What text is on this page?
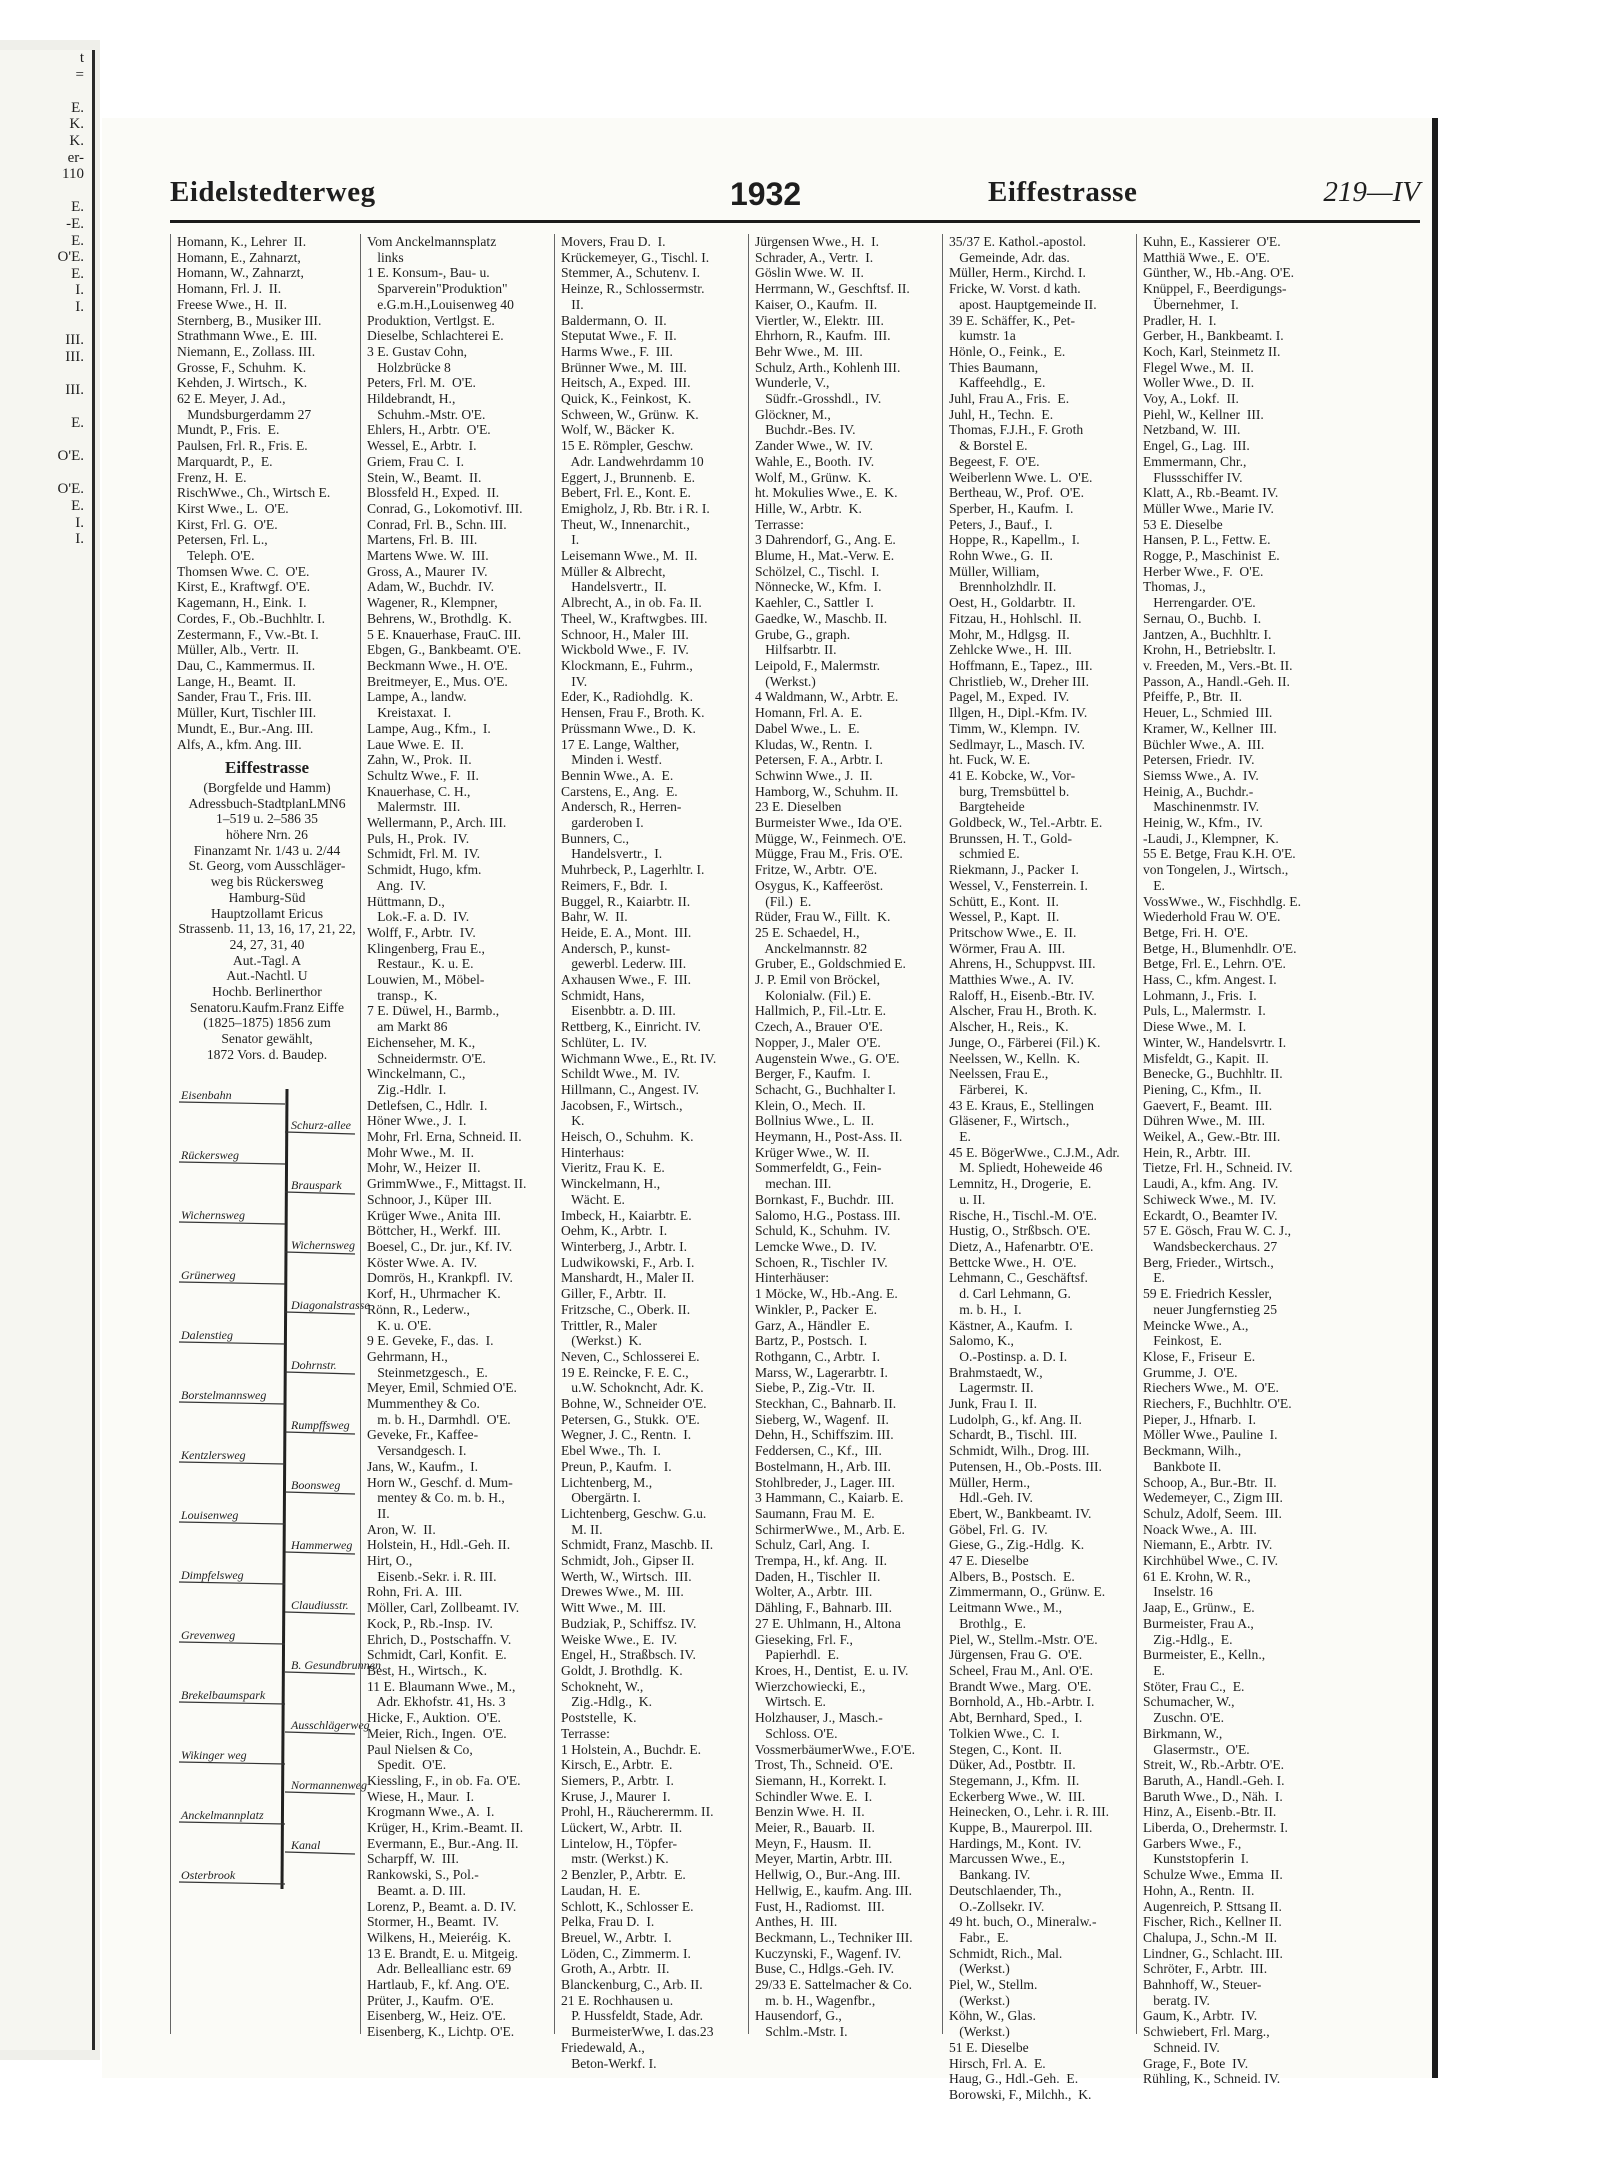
t
=

E.
K.
K.
er-
110

E.
-E.
E.
O'E.
E.
I.
I.

III.
III.

III.

E.

O'E.

O'E.
E.
I.
I.
Eidelstedterweg	1932	Eiffestrasse	219—IV
Homann, K., Lehrer  II.
Homann, E., Zahnarzt,
Homann, W., Zahnarzt,
Homann, Frl. J.  II.
Freese Wwe., H.  II.
Sternberg, B., Musiker III.
Strathmann Wwe., E.  III.
Niemann, E., Zollass. III.
Grosse, F., Schuhm.  K.
Kehden, J. Wirtsch.,  K.
62 E. Meyer, J. Ad.,
Mundsburgerdamm 27
Mundt, P., Fris.  E.
Paulsen, Frl. R., Fris. E.
Marquardt, P.,  E.
Frenz, H.  E.
RischWwe., Ch., Wirtsch E.
Kirst Wwe., L.  O'E.
Kirst, Frl. G.  O'E.
Petersen, Frl. L.,
Teleph. O'E.
Thomsen Wwe. C.  O'E.
Kirst, E., Kraftwgf. O'E.
Kagemann, H., Eink.  I.
Cordes, F., Ob.-Buchhltr. I.
Zestermann, F., Vw.-Bt. I.
Müller, Alb., Vertr.  II.
Dau, C., Kammermus. II.
Lange, H., Beamt.  II.
Sander, Frau T., Fris. III.
Müller, Kurt, Tischler III.
Mundt, E., Bur.-Ang. III.
Alfs, A., kfm. Ang. III.
Eiffestrasse
(Borgfelde und Hamm)
Adressbuch-StadtplanLMN6
1–519 u. 2–586 35
höhere Nrn. 26
Finanzamt Nr. 1/43 u. 2/44
St. Georg, vom Ausschläger-
weg bis Rückersweg
Hamburg-Süd
Hauptzollamt Ericus
Strassenb. 11, 13, 16, 17, 21, 22,
24, 27, 31, 40
Aut.-Tagl. A
Aut.-Nachtl. U
Hochb. Berlinerthor
Senatoru.Kaufm.Franz Eiffe
(1825–1875) 1856 zum
Senator gewählt,
1872 Vors. d. Baudep.
Eisenbahn
Schurz-allee
Rückersweg
Brauspark
Wichernsweg
Wichernsweg
Grünerweg
Diagonalstrasse
Dalenstieg
Dohrnstr.
Borstelmannsweg
Rumpffsweg
Kentzlersweg
Boonsweg
Louisenweg
Hammerweg
Dimpfelsweg
Claudiusstr.
Grevenweg
B. Gesundbrunnen
Brekelbaumspark
Ausschlägerweg
Wikinger weg
Normannenweg
Anckelmannplatz
Kanal
Osterbrook
Vom Anckelmannsplatz
links
1 E. Konsum-, Bau- u.
Sparverein"Produktion"
e.G.m.H.,Louisenweg 40
Produktion, Vertlgst. E.
Dieselbe, Schlachterei E.
3 E. Gustav Cohn,
Holzbrücke 8
Peters, Frl. M.  O'E.
Hildebrandt, H.,
Schuhm.-Mstr. O'E.
Ehlers, H., Arbtr.  O'E.
Wessel, E., Arbtr.  I.
Griem, Frau C.  I.
Stein, W., Beamt.  II.
Blossfeld H., Exped.  II.
Conrad, G., Lokomotivf. III.
Conrad, Frl. B., Schn. III.
Martens, Frl. B.  III.
Martens Wwe. W.  III.
Gross, A., Maurer  IV.
Adam, W., Buchdr.  IV.
Wagener, R., Klempner,
Behrens, W., Brothdlg.  K.
5 E. Knauerhase, FrauC. III.
Ebgen, G., Bankbeamt. O'E.
Beckmann Wwe., H. O'E.
Breitmeyer, E., Mus. O'E.
Lampe, A., landw.
Kreistaxat.  I.
Lampe, Aug., Kfm.,  I.
Laue Wwe. E.  II.
Zahn, W., Prok.  II.
Schultz Wwe., F.  II.
Knauerhase, C. H.,
Malermstr.  III.
Wellermann, P., Arch. III.
Puls, H., Prok.  IV.
Schmidt, Frl. M.  IV.
Schmidt, Hugo, kfm.
Ang.  IV.
Hüttmann, D.,
Lok.-F. a. D.  IV.
Wolff, F., Arbtr.  IV.
Klingenberg, Frau E.,
Restaur.,  K. u. E.
Louwien, M., Möbel-
transp.,  K.
7 E. Düwel, H., Barmb.,
am Markt 86
Eichenseher, M. K.,
Schneidermstr. O'E.
Winckelmann, C.,
Zig.-Hdlr.  I.
Detlefsen, C., Hdlr.  I.
Höner Wwe., J.  I.
Mohr, Frl. Erna, Schneid. II.
Mohr Wwe., M.  II.
Mohr, W., Heizer  II.
GrimmWwe., F., Mittagst. II.
Schnoor, J., Küper  III.
Krüger Wwe., Anita  III.
Böttcher, H., Werkf.  III.
Boesel, C., Dr. jur., Kf. IV.
Köster Wwe. A.  IV.
Domrös, H., Krankpfl.  IV.
Korf, H., Uhrmacher  K.
Rönn, R., Lederw.,
K. u. O'E.
9 E. Geveke, F., das.  I.
Gehrmann, H.,
Steinmetzgesch.,  E.
Meyer, Emil, Schmied O'E.
Mummenthey & Co.
m. b. H., Darmhdl.  O'E.
Geveke, Fr., Kaffee-
Versandgesch. I.
Jans, W., Kaufm.,  I.
Horn W., Geschf. d. Mum-
mentey & Co. m. b. H.,
II.
Aron, W.  II.
Holstein, H., Hdl.-Geh. II.
Hirt, O.,
Eisenb.-Sekr. i. R. III.
Rohn, Fri. A.  III.
Möller, Carl, Zollbeamt. IV.
Kock, P., Rb.-Insp.  IV.
Ehrich, D., Postschaffn. V.
Schmidt, Carl, Konfit.  E.
Best, H., Wirtsch.,  K.
11 E. Blaumann Wwe., M.,
Adr. Ekhofstr. 41, Hs. 3
Hicke, F., Auktion.  O'E.
Meier, Rich., Ingen.  O'E.
Paul Nielsen & Co,
Spedit.  O'E.
Kiessling, F., in ob. Fa. O'E.
Wiese, H., Maur.  I.
Krogmann Wwe., A.  I.
Krüger, H., Krim.-Beamt. II.
Evermann, E., Bur.-Ang. II.
Scharpff, W.  III.
Rankowski, S., Pol.-
Beamt. a. D. III.
Lorenz, P., Beamt. a. D. IV.
Stormer, H., Beamt.  IV.
Wilkens, H., Meieréig.  K.
13 E. Brandt, E. u. Mitgeig.
Adr. Belleallianc estr. 69
Hartlaub, F., kf. Ang. O'E.
Prüter, J., Kaufm.  O'E.
Eisenberg, W., Heiz. O'E.
Eisenberg, K., Lichtp. O'E.
Movers, Frau D.  I.
Krückemeyer, G., Tischl. I.
Stemmer, A., Schutenv. I.
Heinze, R., Schlossermstr.
II.
Baldermann, O.  II.
Steputat Wwe., F.  II.
Harms Wwe., F.  III.
Brünner Wwe., M.  III.
Heitsch, A., Exped.  III.
Quick, K., Feinkost,  K.
Schween, W., Grünw.  K.
Wolf, W., Bäcker  K.
15 E. Römpler, Geschw.
Adr. Landwehrdamm 10
Eggert, J., Brunnenb.  E.
Bebert, Frl. E., Kont. E.
Emigholz, J, Rb. Btr. i R. I.
Theut, W., Innenarchit.,
I.
Leisemann Wwe., M.  II.
Müller & Albrecht,
Handelsvertr.,  II.
Albrecht, A., in ob. Fa. II.
Theel, W., Kraftwgbes. III.
Schnoor, H., Maler  III.
Wickbold Wwe., F.  IV.
Klockmann, E., Fuhrm.,
IV.
Eder, K., Radiohdlg.  K.
Hensen, Frau F., Broth. K.
Prüssmann Wwe., D.  K.
17 E. Lange, Walther,
Minden i. Westf.
Bennin Wwe., A.  E.
Carstens, E., Ang.  E.
Andersch, R., Herren-
garderoben I.
Bunners, C.,
Handelsvertr.,  I.
Muhrbeck, P., Lagerhltr. I.
Reimers, F., Bdr.  I.
Buggel, R., Kaiarbtr. II.
Bahr, W.  II.
Heide, E. A., Mont.  III.
Andersch, P., kunst-
gewerbl. Lederw. III.
Axhausen Wwe., F.  III.
Schmidt, Hans,
Eisenbbtr. a. D. III.
Rettberg, K., Einricht. IV.
Schlüter, L.  IV.
Wichmann Wwe., E., Rt. IV.
Schildt Wwe., M.  IV.
Hillmann, C., Angest. IV.
Jacobsen, F., Wirtsch.,
K.
Heisch, O., Schuhm.  K.
Hinterhaus:
Vieritz, Frau K.  E.
Winckelmann, H.,
Wächt. E.
Imbeck, H., Kaiarbtr. E.
Oehm, K., Arbtr.  I.
Winterberg, J., Arbtr. I.
Ludwikowski, F., Arb. I.
Manshardt, H., Maler II.
Giller, F., Arbtr.  II.
Fritzsche, C., Oberk. II.
Trittler, R., Maler
(Werkst.)  K.
Neven, C., Schlosserei E.
19 E. Reincke, F. E. C.,
u.W. Schokncht, Adr. K.
Bohne, W., Schneider O'E.
Petersen, G., Stukk.  O'E.
Wegner, J. C., Rentn.  I.
Ebel Wwe., Th.  I.
Preun, P., Kaufm.  I.
Lichtenberg, M.,
Obergärtn. I.
Lichtenberg, Geschw. G.u.
M. II.
Schmidt, Franz, Maschb. II.
Schmidt, Joh., Gipser II.
Werth, W., Wirtsch.  III.
Drewes Wwe., M.  III.
Witt Wwe., M.  III.
Budziak, P., Schiffsz. IV.
Weiske Wwe., E.  IV.
Engel, H., Straßbsch. IV.
Goldt, J. Brothdlg.  K.
Schokneht, W.,
Zig.-Hdlg.,  K.
Poststelle,  K.
Terrasse:
1 Holstein, A., Buchdr. E.
Kirsch, E., Arbtr.  E.
Siemers, P., Arbtr.  I.
Kruse, J., Maurer  I.
Prohl, H., Räucherermm. II.
Lückert, W., Arbtr.  II.
Lintelow, H., Töpfer-
mstr. (Werkst.) K.
2 Benzler, P., Arbtr.  E.
Laudan, H.  E.
Schlott, K., Schlosser E.
Pelka, Frau D.  I.
Breuel, W., Arbtr.  I.
Löden, C., Zimmerm. I.
Groth, A., Arbtr.  II.
Blanckenburg, C., Arb. II.
21 E. Rochhausen u.
P. Hussfeldt, Stade, Adr.
BurmeisterWwe, I. das.23
Friedewald, A.,
Beton-Werkf. I.
Jürgensen Wwe., H.  I.
Schrader, A., Vertr.  I.
Göslin Wwe. W.  II.
Herrmann, W., Geschftsf. II.
Kaiser, O., Kaufm.  II.
Viertler, W., Elektr.  III.
Ehrhorn, R., Kaufm.  III.
Behr Wwe., M.  III.
Schulz, Arth., Kohlenh III.
Wunderle, V.,
Südfr.-Grosshdl.,  IV.
Glöckner, M.,
Buchdr.-Bes. IV.
Zander Wwe., W.  IV.
Wahle, E., Booth.  IV.
Wolf, M., Grünw.  K.
ht. Mokulies Wwe., E.  K.
Hille, W., Arbtr.  K.
Terrasse:
3 Dahrendorf, G., Ang. E.
Blume, H., Mat.-Verw. E.
Schölzel, C., Tischl.  I.
Nönnecke, W., Kfm.  I.
Kaehler, C., Sattler  I.
Gaedke, W., Maschb. II.
Grube, G., graph.
Hilfsarbtr. II.
Leipold, F., Malermstr.
(Werkst.)
4 Waldmann, W., Arbtr. E.
Homann, Frl. A.  E.
Dabel Wwe., L.  E.
Kludas, W., Rentn.  I.
Petersen, F. A., Arbtr. I.
Schwinn Wwe., J.  II.
Hamborg, W., Schuhm. II.
23 E. Dieselben
Burmeister Wwe., Ida O'E.
Mügge, W., Feinmech. O'E.
Mügge, Frau M., Fris. O'E.
Fritze, W., Arbtr.  O'E.
Osygus, K., Kaffeeröst.
(Fil.)  E.
Rüder, Frau W., Fillt.  K.
25 E. Schaedel, H.,
Anckelmannstr. 82
Gruber, E., Goldschmied E.
J. P. Emil von Bröckel,
Kolonialw. (Fil.) E.
Hallmich, P., Fil.-Ltr. E.
Czech, A., Brauer  O'E.
Nopper, J., Maler  O'E.
Augenstein Wwe., G. O'E.
Berger, F., Kaufm.  I.
Schacht, G., Buchhalter I.
Klein, O., Mech.  II.
Bollnius Wwe., L.  II.
Heymann, H., Post-Ass. II.
Krüger Wwe., W.  II.
Sommerfeldt, G., Fein-
mechan. III.
Bornkast, F., Buchdr.  III.
Salomo, H.G., Postass. III.
Schuld, K., Schuhm.  IV.
Lemcke Wwe., D.  IV.
Schoen, R., Tischler  IV.
Hinterhäuser:
1 Möcke, W., Hb.-Ang. E.
Winkler, P., Packer  E.
Garz, A., Händler  E.
Bartz, P., Postsch.  I.
Rothgann, C., Arbtr.  I.
Marss, W., Lagerarbtr. I.
Siebe, P., Zig.-Vtr.  II.
Steckhan, C., Bahnarb. II.
Sieberg, W., Wagenf.  II.
Dehn, H., Schiffszim. III.
Feddersen, C., Kf.,  III.
Bostelmann, H., Arb. III.
Stohlbreder, J., Lager. III.
3 Hammann, C., Kaiarb. E.
Saumann, Frau M.  E.
SchirmerWwe., M., Arb. E.
Schulz, Carl, Ang.  I.
Trempa, H., kf. Ang.  II.
Daden, H., Tischler  II.
Wolter, A., Arbtr.  III.
Dähling, F., Bahnarb. III.
27 E. Uhlmann, H., Altona
Gieseking, Frl. F.,
Papierhdl.  E.
Kroes, H., Dentist,  E. u. IV.
Wierzchowiecki, E.,
Wirtsch. E.
Holzhauser, J., Masch.-
Schloss. O'E.
VossmerbäumerWwe., F.O'E.
Trost, Th., Schneid.  O'E.
Siemann, H., Korrekt. I.
Schindler Wwe. E.  I.
Benzin Wwe. H.  II.
Meier, R., Bauarb.  II.
Meyn, F., Hausm.  II.
Meyer, Martin, Arbtr. III.
Hellwig, O., Bur.-Ang. III.
Hellwig, E., kaufm. Ang. III.
Fust, H., Radiomst.  III.
Anthes, H.  III.
Beckmann, L., Techniker III.
Kuczynski, F., Wagenf. IV.
Buse, C., Hdlgs.-Geh. IV.
29/33 E. Sattelmacher & Co.
m. b. H., Wagenfbr.,
Hausendorf, G.,
Schlm.-Mstr. I.
35/37 E. Kathol.-apostol.
Gemeinde, Adr. das.
Müller, Herm., Kirchd. I.
Fricke, W. Vorst. d kath.
apost. Hauptgemeinde II.
39 E. Schäffer, K., Pet-
kumstr. 1a
Hönle, O., Feink.,  E.
Thies Baumann,
Kaffeehdlg.,  E.
Juhl, Frau A., Fris.  E.
Juhl, H., Techn.  E.
Thomas, F.J.H., F. Groth
& Borstel E.
Begeest, F.  O'E.
Weiberlenn Wwe. L.  O'E.
Bertheau, W., Prof.  O'E.
Sperber, H., Kaufm.  I.
Peters, J., Bauf.,  I.
Hoppe, R., Kapellm.,  I.
Rohn Wwe., G.  II.
Müller, William,
Brennholzhdlr. II.
Oest, H., Goldarbtr.  II.
Fitzau, H., Hohlschl.  II.
Mohr, M., Hdlgsg.  II.
Zehlcke Wwe., H.  III.
Hoffmann, E., Tapez.,  III.
Christlieb, W., Dreher III.
Pagel, M., Exped.  IV.
Illgen, H., Dipl.-Kfm. IV.
Timm, W., Klempn.  IV.
Sedlmayr, L., Masch. IV.
ht. Fuck, W. E.
41 E. Kobcke, W., Vor-
burg, Tremsbüttel b.
Bargteheide
Goldbeck, W., Tel.-Arbtr. E.
Brunssen, H. T., Gold-
schmied E.
Riekmann, J., Packer  I.
Wessel, V., Fensterrein. I.
Schütt, E., Kont.  II.
Wessel, P., Kapt.  II.
Pritschow Wwe., E.  II.
Wörmer, Frau A.  III.
Ahrens, H., Schuppvst. III.
Matthies Wwe., A.  IV.
Raloff, H., Eisenb.-Btr. IV.
Alscher, Frau H., Broth. K.
Alscher, H., Reis.,  K.
Junge, O., Färberei (Fil.) K.
Neelssen, W., Kelln.  K.
Neelssen, Frau E.,
Färberei,  K.
43 E. Kraus, E., Stellingen
Gläsener, F., Wirtsch.,
E.
45 E. BögerWwe., C.J.M., Adr.
M. Spliedt, Hoheweide 46
Lemnitz, H., Drogerie,  E.
u. II.
Rische, H., Tischl.-M. O'E.
Hustig, O., Strßbsch. O'E.
Dietz, A., Hafenarbtr. O'E.
Bettcke Wwe., H.  O'E.
Lehmann, C., Geschäftsf.
d. Carl Lehmann, G.
m. b. H.,  I.
Kästner, A., Kaufm.  I.
Salomo, K.,
O.-Postinsp. a. D. I.
Brahmstaedt, W.,
Lagermstr. II.
Junk, Frau I.  II.
Ludolph, G., kf. Ang. II.
Schardt, B., Tischl.  III.
Schmidt, Wilh., Drog. III.
Putensen, H., Ob.-Posts. III.
Müller, Herm.,
Hdl.-Geh. IV.
Ebert, W., Bankbeamt. IV.
Göbel, Frl. G.  IV.
Giese, G., Zig.-Hdlg.  K.
47 E. Dieselbe
Albers, B., Postsch.  E.
Zimmermann, O., Grünw. E.
Leitmann Wwe., M.,
Brothlg.,  E.
Piel, W., Stellm.-Mstr. O'E.
Jürgensen, Frau G.  O'E.
Scheel, Frau M., Anl. O'E.
Brandt Wwe., Marg.  O'E.
Bornhold, A., Hb.-Arbtr. I.
Abt, Bernhard, Sped.,  I.
Tolkien Wwe., C.  I.
Stegen, C., Kont.  II.
Düker, Ad., Postbtr.  II.
Stegemann, J., Kfm.  II.
Eckerberg Wwe., W.  III.
Heinecken, O., Lehr. i. R. III.
Kuppe, B., Maurerpol. III.
Hardings, M., Kont.  IV.
Marcussen Wwe., E.,
Bankang. IV.
Deutschlaender, Th.,
O.-Zollsekr. IV.
49 ht. buch, O., Mineralw.-
Fabr.,  E.
Schmidt, Rich., Mal.
(Werkst.)
Piel, W., Stellm.
(Werkst.)
Köhn, W., Glas.
(Werkst.)
51 E. Dieselbe
Hirsch, Frl. A.  E.
Haug, G., Hdl.-Geh.  E.
Borowski, F., Milchh.,  K.
Kuhn, E., Kassierer  O'E.
Matthiä Wwe., E.  O'E.
Günther, W., Hb.-Ang. O'E.
Knüppel, F., Beerdigungs-
Übernehmer,  I.
Pradler, H.  I.
Gerber, H., Bankbeamt. I.
Koch, Karl, Steinmetz II.
Flegel Wwe., M.  II.
Woller Wwe., D.  II.
Voy, A., Lokf.  II.
Piehl, W., Kellner  III.
Netzband, W.  III.
Engel, G., Lag.  III.
Emmermann, Chr.,
Flussschiffer IV.
Klatt, A., Rb.-Beamt. IV.
Müller Wwe., Marie IV.
53 E. Dieselbe
Hansen, P. L., Fettw. E.
Rogge, P., Maschinist  E.
Herber Wwe., F.  O'E.
Thomas, J.,
Herrengarder. O'E.
Sernau, O., Buchb.  I.
Jantzen, A., Buchhltr. I.
Krohn, H., Betriebsltr. I.
v. Freeden, M., Vers.-Bt. II.
Passon, A., Handl.-Geh. II.
Pfeiffe, P., Btr.  II.
Heuer, L., Schmied  III.
Kramer, W., Kellner  III.
Büchler Wwe., A.  III.
Petersen, Friedr.  IV.
Siemss Wwe., A.  IV.
Heinig, A., Buchdr.-
Maschinenmstr. IV.
Heinig, W., Kfm.,  IV.
-Laudi, J., Klempner,  K.
55 E. Betge, Frau K.H. O'E.
von Tongelen, J., Wirtsch.,
E.
VossWwe., W., Fischhdlg. E.
Wiederhold Frau W. O'E.
Betge, Fri. H.  O'E.
Betge, H., Blumenhdlr. O'E.
Betge, Frl. E., Lehrn. O'E.
Hass, C., kfm. Angest. I.
Lohmann, J., Fris.  I.
Puls, L., Malermstr.  I.
Diese Wwe., M.  I.
Winter, W., Handelsvrtr. I.
Misfeldt, G., Kapit.  II.
Benecke, G., Buchhltr. II.
Piening, C., Kfm.,  II.
Gaevert, F., Beamt.  III.
Dühren Wwe., M.  III.
Weikel, A., Gew.-Btr. III.
Hein, R., Arbtr.  III.
Tietze, Frl. H., Schneid. IV.
Laudi, A., kfm. Ang.  IV.
Schiweck Wwe., M.  IV.
Eckardt, O., Beamter IV.
57 E. Gösch, Frau W. C. J.,
Wandsbeckerchaus. 27
Berg, Frieder., Wirtsch.,
E.
59 E. Friedrich Kessler,
neuer Jungfernstieg 25
Meincke Wwe., A.,
Feinkost,  E.
Klose, F., Friseur  E.
Grumme, J.  O'E.
Riechers Wwe., M.  O'E.
Riechers, F., Buchhltr. O'E.
Pieper, J., Hfnarb.  I.
Möller Wwe., Pauline  I.
Beckmann, Wilh.,
Bankbote II.
Schoop, A., Bur.-Btr.  II.
Wedemeyer, C., Zigm III.
Schulz, Adolf, Seem.  III.
Noack Wwe., A.  III.
Niemann, E., Arbtr.  IV.
Kirchhübel Wwe., C. IV.
61 E. Krohn, W. R.,
Inselstr. 16
Jaap, E., Grünw.,  E.
Burmeister, Frau A.,
Zig.-Hdlg.,  E.
Burmeister, E., Kelln.,
E.
Stöter, Frau C.,  E.
Schumacher, W.,
Zuschn. O'E.
Birkmann, W.,
Glasermstr.,  O'E.
Streit, W., Rb.-Arbtr. O'E.
Baruth, A., Handl.-Geh. I.
Baruth Wwe., D., Näh.  I.
Hinz, A., Eisenb.-Btr. II.
Liberda, O., Drehermstr. I.
Garbers Wwe., F.,
Kunststopferin  I.
Schulze Wwe., Emma  II.
Hohn, A., Rentn.  II.
Augenreich, P. Sttsang II.
Fischer, Rich., Kellner II.
Chalupa, J., Schn.-M  II.
Lindner, G., Schlacht. III.
Schröter, F., Arbtr.  III.
Bahnhoff, W., Steuer-
beratg. IV.
Gaum, K., Arbtr.  IV.
Schwiebert, Frl. Marg.,
Schneid. IV.
Grage, F., Bote  IV.
Rühling, K., Schneid. IV.
